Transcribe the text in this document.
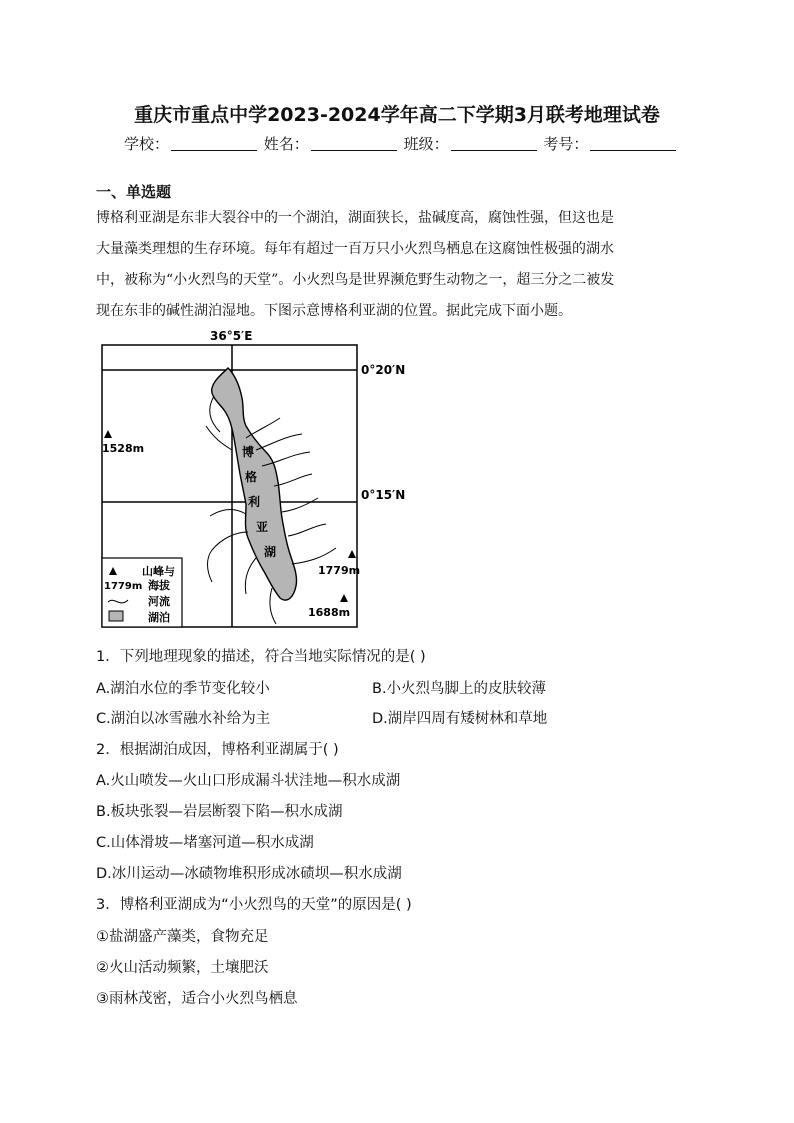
重庆市重点中学2023-2024学年高二下学期3月联考地理试卷
学校：	姓名：	班级：	考号：
一、单选题

博格利亚湖是东非大裂谷中的一个湖泊，湖面狭长，盐碱度高，腐蚀性强，但这也是

大量藻类理想的生存环境。每年有超过一百万只小火烈鸟栖息在这腐蚀性极强的湖水

中，被称为“小火烈鸟的天堂”。小火烈鸟是世界濒危野生动物之一，超三分之二被发

现在东非的碱性湖泊湿地。下图示意博格利亚湖的位置。据此完成下面小题。

博
格
利
亚
湖
36°5′E
0°20′N
0°15′N
1528m
1779m
1688m
1779m
山峰与
海拔
河流
湖泊
1．下列地理现象的描述，符合当地实际情况的是( )
A.湖泊水位的季节变化较小	B.小火烈鸟脚上的皮肤较薄
C.湖泊以冰雪融水补给为主	D.湖岸四周有矮树林和草地
2．根据湖泊成因，博格利亚湖属于( )
A.火山喷发—火山口形成漏斗状洼地—积水成湖
B.板块张裂—岩层断裂下陷—积水成湖
C.山体滑坡—堵塞河道—积水成湖
D.冰川运动—冰碛物堆积形成冰碛坝—积水成湖
3．博格利亚湖成为“小火烈鸟的天堂”的原因是( )
①盐湖盛产藻类，食物充足
②火山活动频繁，土壤肥沃
③雨林茂密，适合小火烈鸟栖息
